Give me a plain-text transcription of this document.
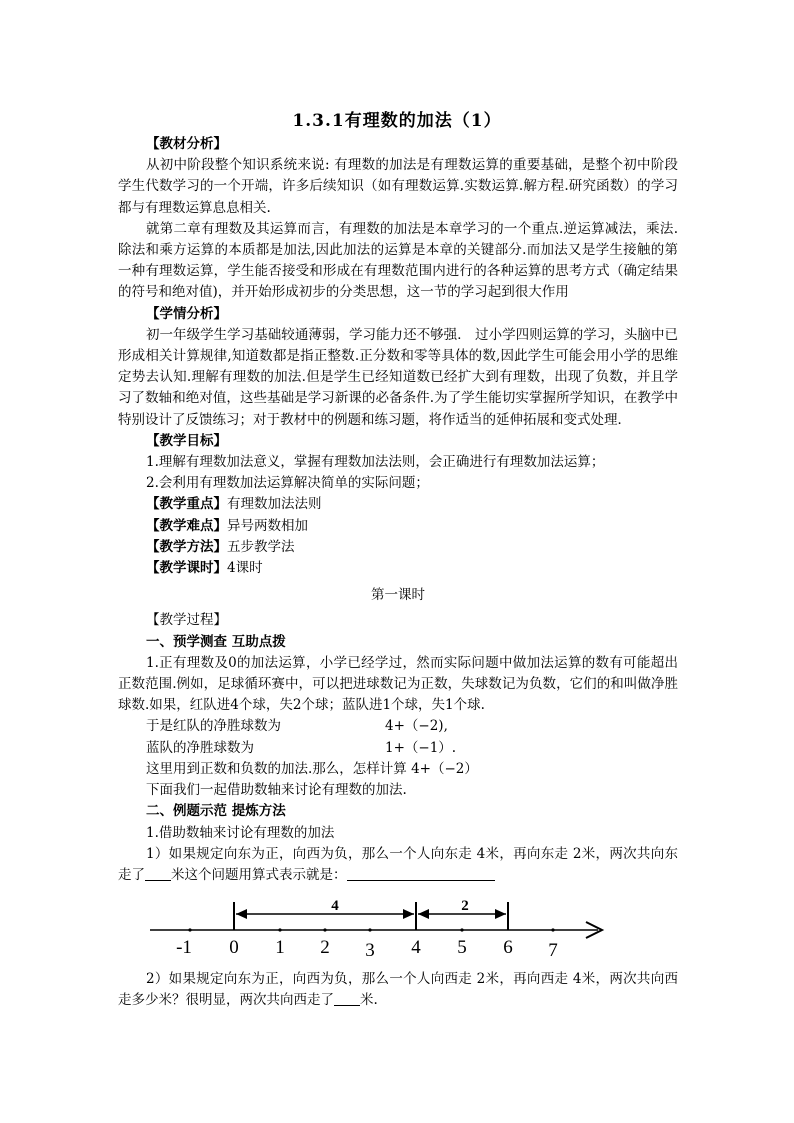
1.3.1有理数的加法（1）

【教材分析】

从初中阶段整个知识系统来说: 有理数的加法是有理数运算的重要基础，是整个初中阶段学生代数学习的一个开端，许多后续知识（如有理数运算.实数运算.解方程.研究函数）的学习都与有理数运算息息相关.

就第二章有理数及其运算而言，有理数的加法是本章学习的一个重点.逆运算减法，乘法.除法和乘方运算的本质都是加法,因此加法的运算是本章的关键部分.而加法又是学生接触的第一种有理数运算，学生能否接受和形成在有理数范围内进行的各种运算的思考方式（确定结果的符号和绝对值)，并开始形成初步的分类思想，这一节的学习起到很大作用

【学情分析】

初一年级学生学习基础较通薄弱，学习能力还不够强． 过小学四则运算的学习，头脑中已形成相关计算规律,知道数都是指正整数.正分数和零等具体的数,因此学生可能会用小学的思维定势去认知.理解有理数的加法.但是学生已经知道数已经扩大到有理数，出现了负数，并且学习了数轴和绝对值，这些基础是学习新课的必备条件.为了学生能切实掌握所学知识，在教学中特别设计了反馈练习；对于教材中的例题和练习题，将作适当的延伸拓展和变式处理．

【教学目标】

1.理解有理数加法意义，掌握有理数加法法则，会正确进行有理数加法运算；

2.会利用有理数加法运算解决简单的实际问题；

【教学重点】有理数加法法则

【教学难点】异号两数相加

【教学方法】五步教学法

【教学课时】4课时

第一课时

【教学过程】

一、预学测查 互助点拨

1.正有理数及0的加法运算，小学已经学过，然而实际问题中做加法运算的数有可能超出正数范围.例如，足球循环赛中，可以把进球数记为正数，失球数记为负数，它们的和叫做净胜球数.如果，红队进4个球，失2个球；蓝队进1个球，失1个球.

于是红队的净胜球数为	4+（−2),
蓝队的净胜球数为	1+（−1）.

这里用到正数和负数的加法.那么，怎样计算 4+（−2）

下面我们一起借助数轴来讨论有理数的加法.

二、例题示范 提炼方法

1.借助数轴来讨论有理数的加法

1）如果规定向东为正，向西为负，那么一个人向东走 4米，再向东走 2米，两次共向东走了 米这个问题用算式表示就是：

4	2
-1 0 1 2 3 4 5 6 7

2）如果规定向东为正，向西为负，那么一个人向西走 2米，再向西走 4米，两次共向西走多少米？很明显，两次共向西走了 米.
